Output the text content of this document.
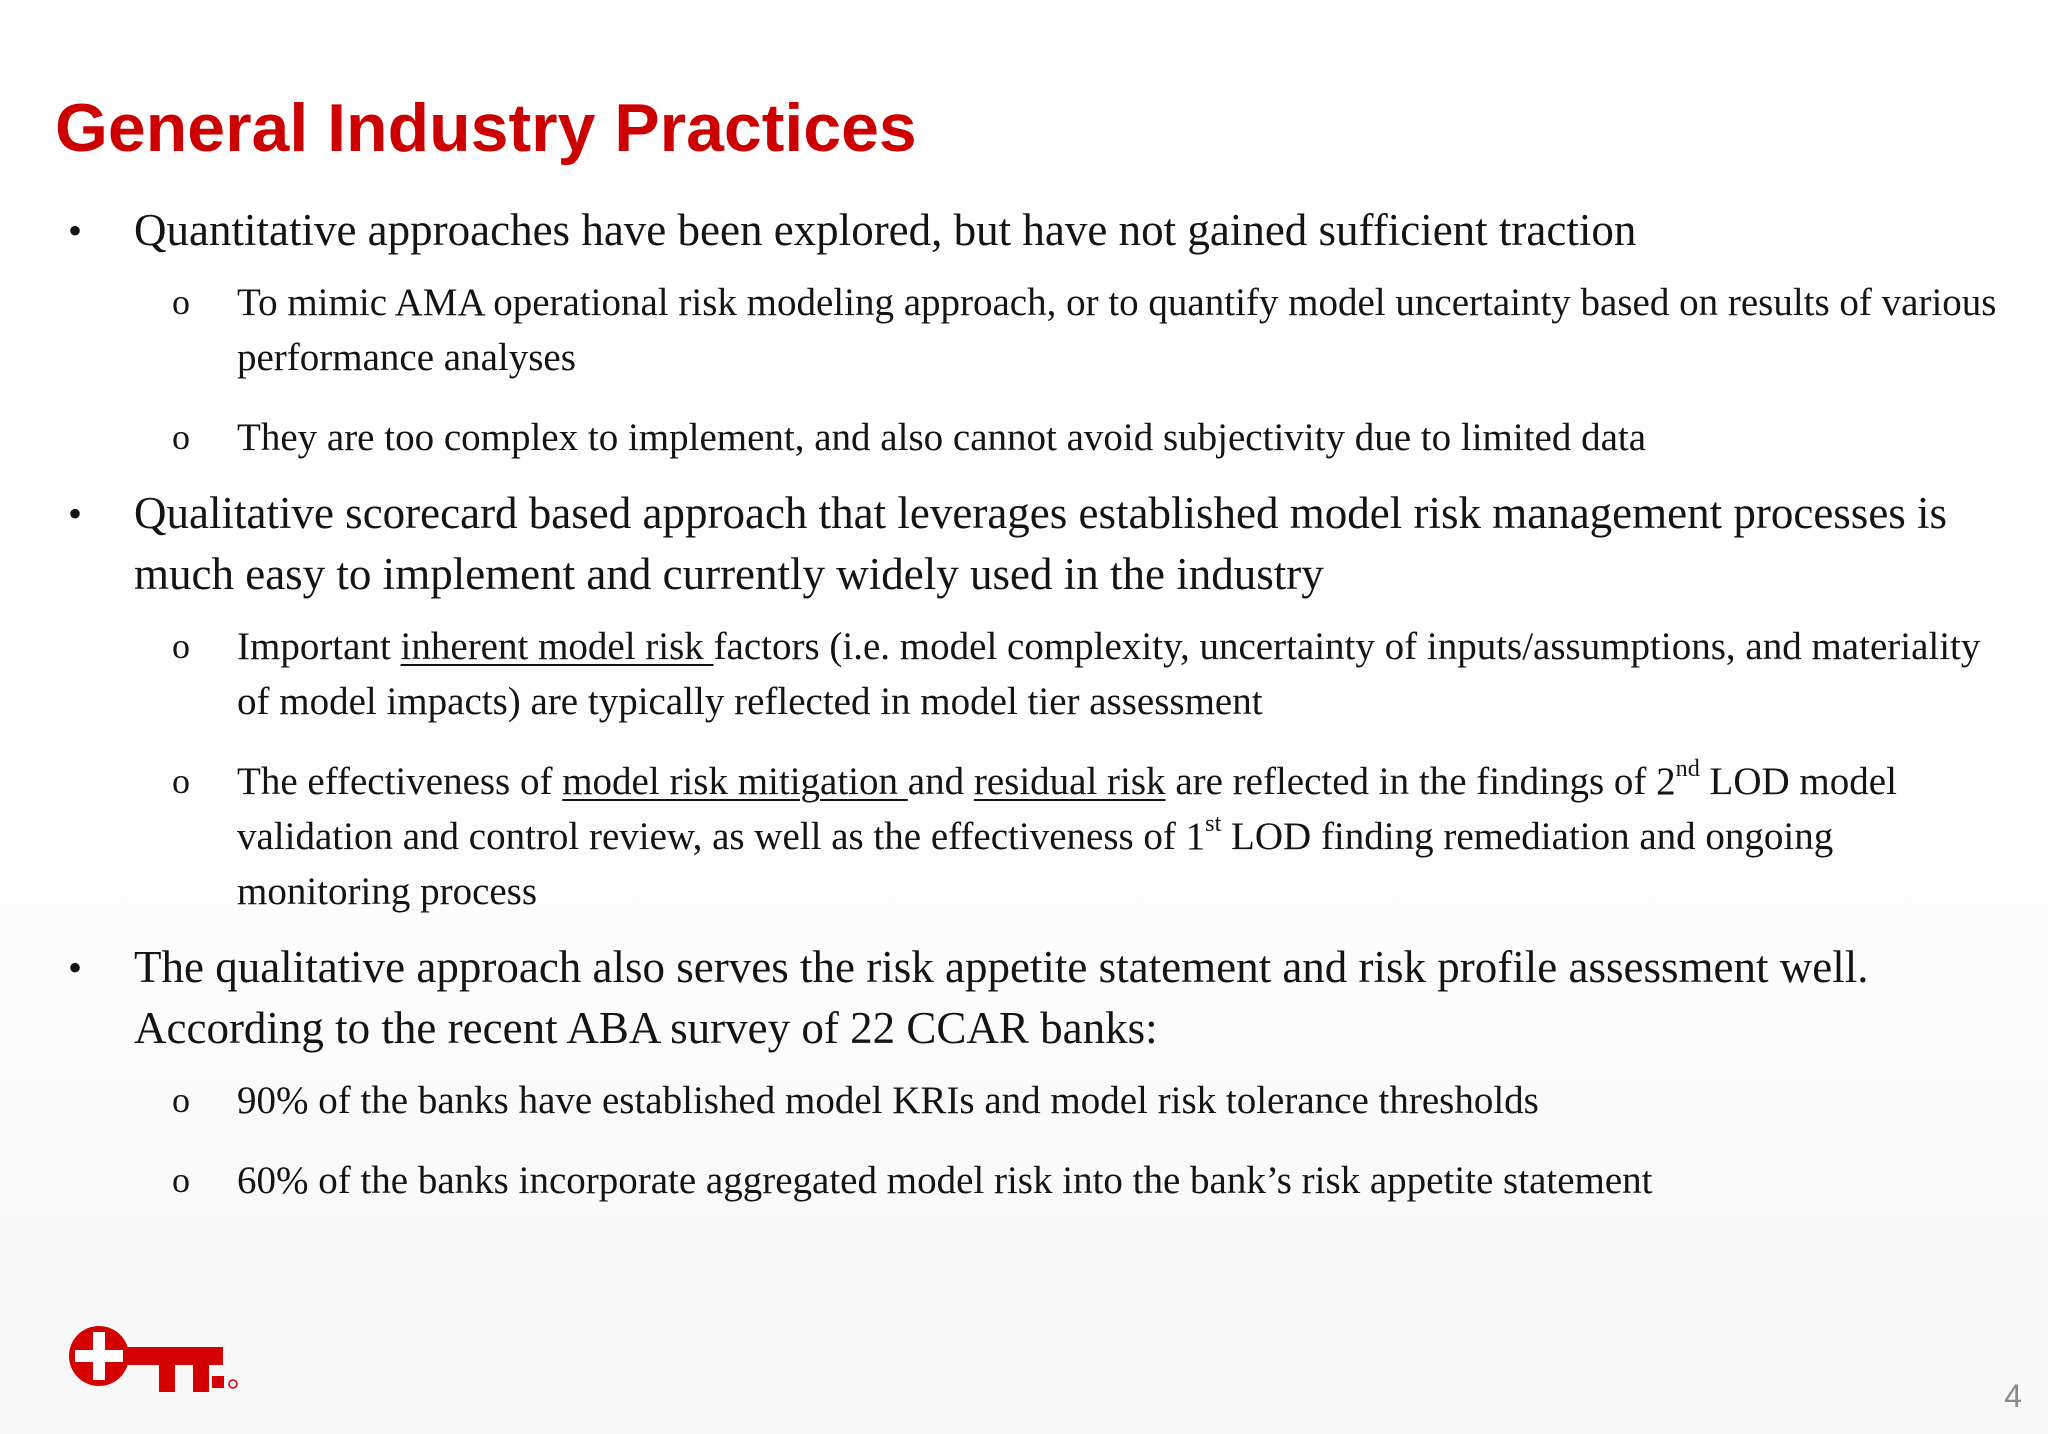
General Industry Practices
• Quantitative approaches have been explored, but have not gained sufficient traction
o To mimic AMA operational risk modeling approach, or to quantify model uncertainty based on results of various performance analyses
o They are too complex to implement, and also cannot avoid subjectivity due to limited data
• Qualitative scorecard based approach that leverages established model risk management processes is much easy to implement and currently widely used in the industry
o Important inherent model risk factors (i.e. model complexity, uncertainty of inputs/assumptions, and materiality of model impacts) are typically reflected in model tier assessment
o The effectiveness of model risk mitigation and residual risk are reflected in the findings of 2nd LOD model validation and control review, as well as the effectiveness of 1st LOD finding remediation and ongoing monitoring process
• The qualitative approach also serves the risk appetite statement and risk profile assessment well. According to the recent ABA survey of 22 CCAR banks:
o 90% of the banks have established model KRIs and model risk tolerance thresholds
o 60% of the banks incorporate aggregated model risk into the bank’s risk appetite statement
4
